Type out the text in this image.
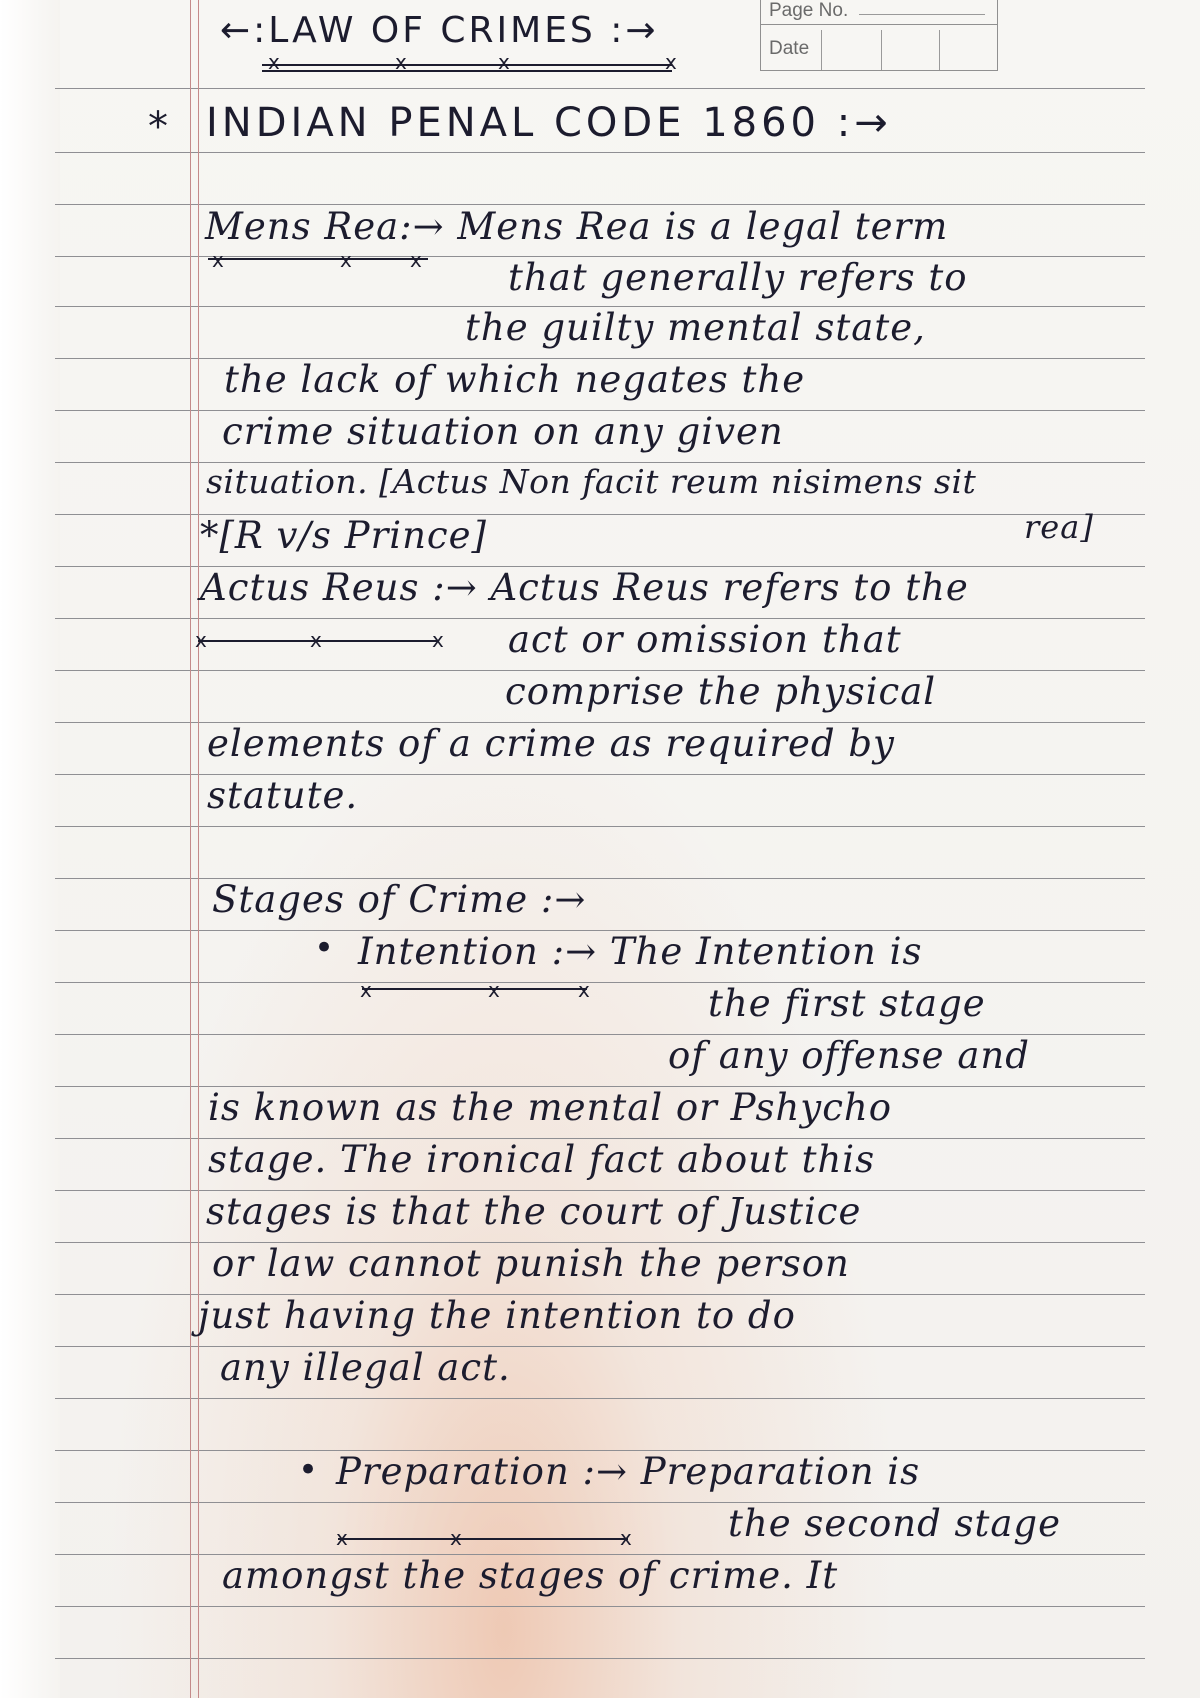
Page No.
Date
←:LAW OF CRIMES :→
x	x	x	x
* INDIAN PENAL CODE 1860 :→
Mens Rea:→ Mens Rea is a legal term
x	x	x that generally refers to
the guilty mental state,
the lack of which negates the
crime situation on any given
situation. [Actus Non facit reum nisimens sit
*[R v/s Prince]	rea]
Actus Reus :→ Actus Reus refers to the
x	x	x act or omission that
comprise the physical
elements of a crime as required by
statute.
Stages of Crime :→
• Intention :→ The Intention is
x	x	x	the first stage
of any offense and
is known as the mental or Pshycho
stage. The ironical fact about this
stages is that the court of Justice
or law cannot punish the person
just having the intention to do
any illegal act.
• Preparation :→ Preparation is
x	x	x	the second stage
amongst the stages of crime. It
